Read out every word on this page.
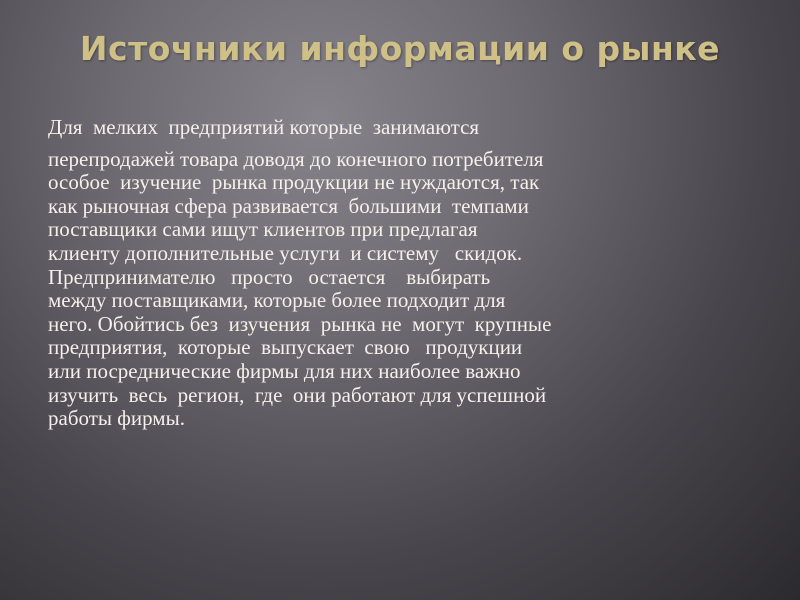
Для  мелких  предприятий которые  занимаются
перепродажей товара доводя до конечного потребителя
особое  изучение  рынка продукции не нуждаются, так
как рыночная сфера развивается  большими  темпами
поставщики сами ищут клиентов при предлагая
клиенту дополнительные услуги  и систему   скидок.
Предпринимателю   просто   остается    выбирать
между поставщиками, которые более подходит для
него. Обойтись без  изучения  рынка не  могут  крупные
предприятия,  которые  выпускает  свою   продукции
или посреднические фирмы для них наиболее важно
изучить  весь  регион,  где  они работают для успешной
работы фирмы.
Источники информации о рынке
